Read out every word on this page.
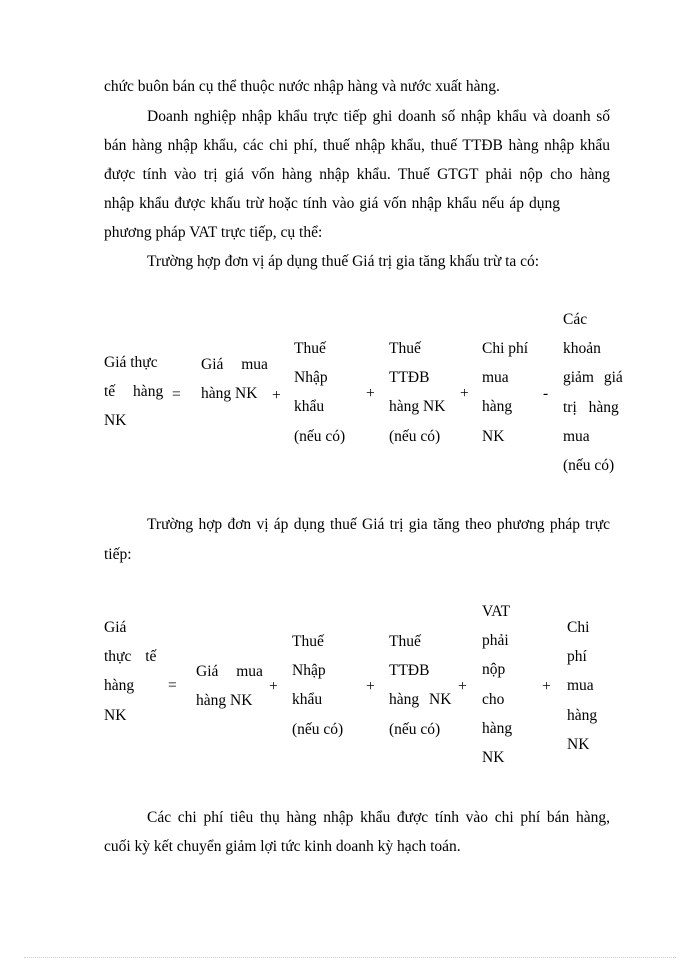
chức buôn bán cụ thể thuộc nước nhập hàng và nước xuất hàng.
Doanh nghiệp nhập khẩu trực tiếp ghi doanh số nhập khẩu và doanh số
bán hàng nhập khẩu, các chi phí, thuế nhập khẩu, thuế TTĐB hàng nhập khẩu
được tính vào trị giá vốn hàng nhập khẩu. Thuế GTGT phải nộp cho hàng
nhập khẩu được khấu trừ hoặc tính vào giá vốn nhập khẩu nếu áp dụng
phương pháp VAT trực tiếp, cụ thể:
Trường hợp đơn vị áp dụng thuế Giá trị gia tăng khấu trừ ta có:
Giá thực
tế hàng
NK
=
Giá mua
hàng NK +
Thuế
Nhập
khẩu
(nếu có)
+
Thuế
TTĐB
hàng NK
(nếu có)
+
Chi phí
mua
hàng
NK
-
Các
khoản
giảm giá
trị hàng
mua
(nếu có)
Trường hợp đơn vị áp dụng thuế Giá trị gia tăng theo phương pháp trực
tiếp:
Giá
thực tế
hàng
NK
=
Giá mua
hàng NK
+
Thuế
Nhập
khẩu
(nếu có)
+
Thuế
TTĐB
hàng NK
(nếu có)
+
VAT
phải
nộp
cho
hàng
NK
+
Chi
phí
mua
hàng
NK
Các chi phí tiêu thụ hàng nhập khẩu được tính vào chi phí bán hàng,
cuối kỳ kết chuyển giảm lợi tức kinh doanh kỳ hạch toán.
